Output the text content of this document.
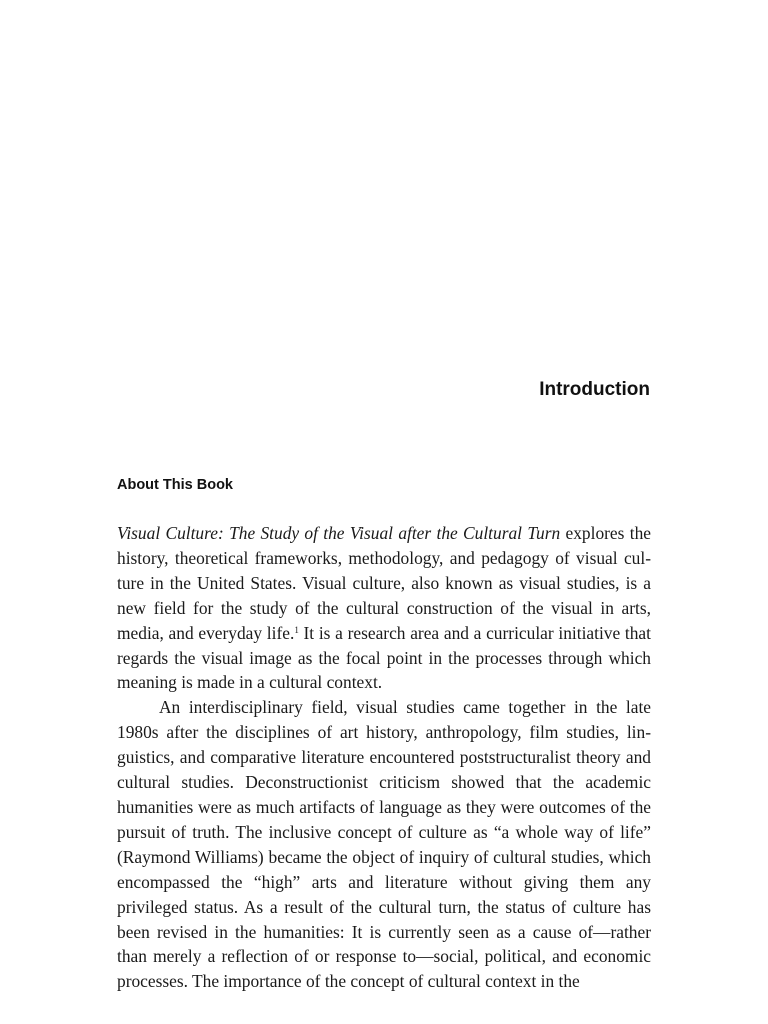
Introduction
About This Book

Visual Culture: The Study of the Visual after the Cultural Turn explores the history, theoretical frameworks, methodology, and pedagogy of visual culture in the United States. Visual culture, also known as visual studies, is a new field for the study of the cultural construction of the visual in arts, media, and everyday life.$^1$ It is a research area and a curricular initiative that regards the visual image as the focal point in the processes through which meaning is made in a cultural context.

An interdisciplinary field, visual studies came together in the late 1980s after the disciplines of art history, anthropology, film studies, linguistics, and comparative literature encountered poststructuralist theory and cultural studies. Deconstructionist criticism showed that the academic humanities were as much artifacts of language as they were outcomes of the pursuit of truth. The inclusive concept of culture as “a whole way of life” (Raymond Williams) became the object of inquiry of cultural studies, which encompassed the “high” arts and literature without giving them any privileged status. As a result of the cultural turn, the status of culture has been revised in the humanities: It is currently seen as a cause of—rather than merely a reflection of or response to—social, political, and economic processes. The importance of the concept of cultural context in the
